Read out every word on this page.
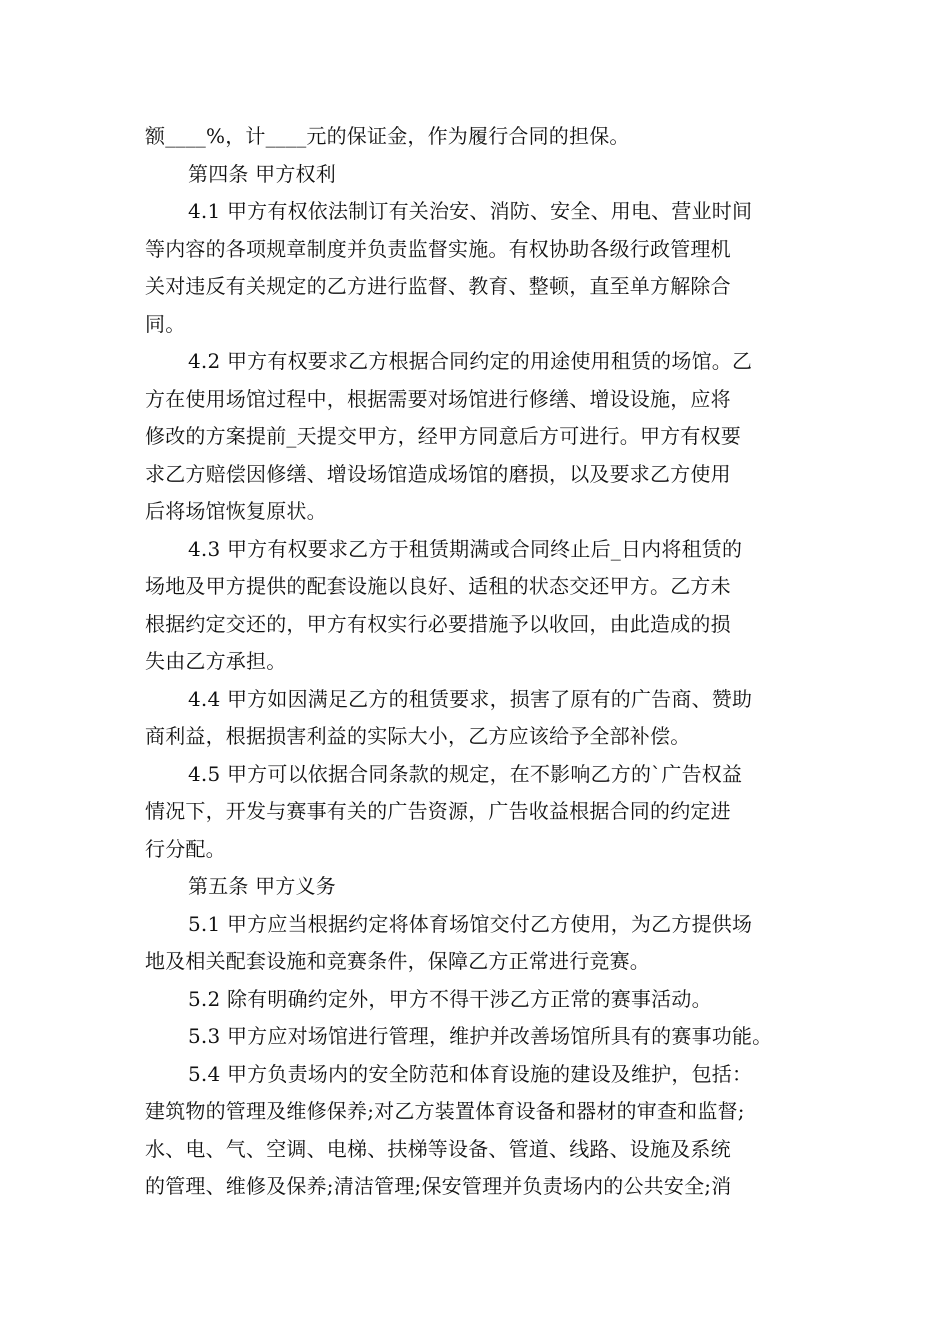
额____%，计____元的保证金，作为履行合同的担保。
第四条 甲方权利
4.1 甲方有权依法制订有关治安、消防、安全、用电、营业时间
等内容的各项规章制度并负责监督实施。有权协助各级行政管理机
关对违反有关规定的乙方进行监督、教育、整顿，直至单方解除合
同。
4.2 甲方有权要求乙方根据合同约定的用途使用租赁的场馆。乙
方在使用场馆过程中，根据需要对场馆进行修缮、增设设施，应将
修改的方案提前_天提交甲方，经甲方同意后方可进行。甲方有权要
求乙方赔偿因修缮、增设场馆造成场馆的磨损，以及要求乙方使用
后将场馆恢复原状。
4.3 甲方有权要求乙方于租赁期满或合同终止后_日内将租赁的
场地及甲方提供的配套设施以良好、适租的状态交还甲方。乙方未
根据约定交还的，甲方有权实行必要措施予以收回，由此造成的损
失由乙方承担。
4.4 甲方如因满足乙方的租赁要求，损害了原有的广告商、赞助
商利益，根据损害利益的实际大小，乙方应该给予全部补偿。
4.5 甲方可以依据合同条款的规定，在不影响乙方的`广告权益
情况下，开发与赛事有关的广告资源，广告收益根据合同的约定进
行分配。
第五条 甲方义务
5.1 甲方应当根据约定将体育场馆交付乙方使用，为乙方提供场
地及相关配套设施和竞赛条件，保障乙方正常进行竞赛。
5.2 除有明确约定外，甲方不得干涉乙方正常的赛事活动。
5.3 甲方应对场馆进行管理，维护并改善场馆所具有的赛事功能。
5.4 甲方负责场内的安全防范和体育设施的建设及维护，包括：
建筑物的管理及维修保养;对乙方装置体育设备和器材的审查和监督;
水、电、气、空调、电梯、扶梯等设备、管道、线路、设施及系统
的管理、维修及保养;清洁管理;保安管理并负责场内的公共安全;消
